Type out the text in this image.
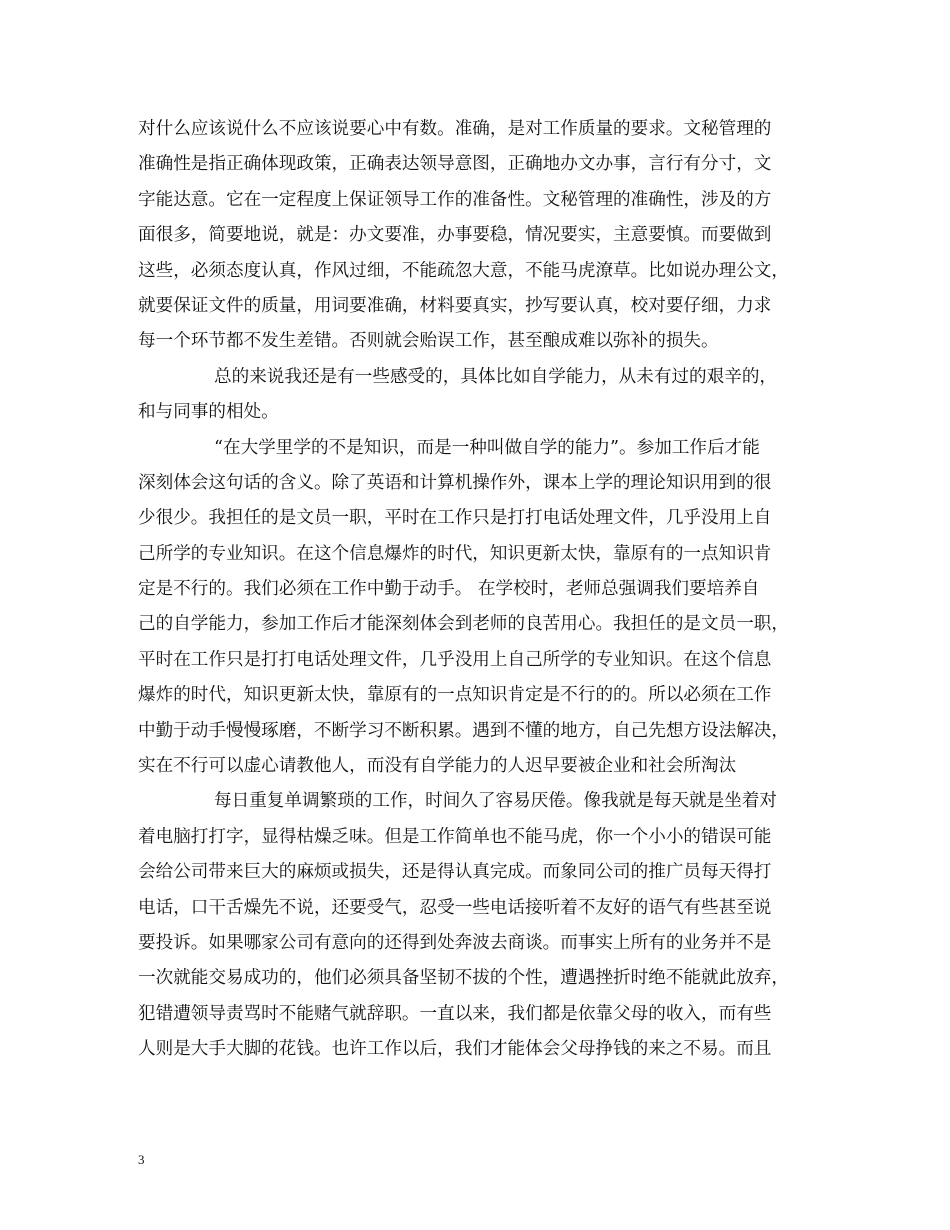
对什么应该说什么不应该说要心中有数。准确，是对工作质量的要求。文秘管理的
准确性是指正确体现政策，正确表达领导意图，正确地办文办事，言行有分寸，文
字能达意。它在一定程度上保证领导工作的准备性。文秘管理的准确性，涉及的方
面很多，简要地说，就是：办文要准，办事要稳，情况要实，主意要慎。而要做到
这些，必须态度认真，作风过细，不能疏忽大意，不能马虎潦草。比如说办理公文，
就要保证文件的质量，用词要准确，材料要真实，抄写要认真，校对要仔细，力求
每一个环节都不发生差错。否则就会贻误工作，甚至酿成难以弥补的损失。
总的来说我还是有一些感受的，具体比如自学能力，从未有过的艰辛的，
和与同事的相处。
“在大学里学的不是知识，而是一种叫做自学的能力”。参加工作后才能
深刻体会这句话的含义。除了英语和计算机操作外，课本上学的理论知识用到的很
少很少。我担任的是文员一职，平时在工作只是打打电话处理文件，几乎没用上自
己所学的专业知识。在这个信息爆炸的时代，知识更新太快，靠原有的一点知识肯
定是不行的。我们必须在工作中勤于动手。 在学校时，老师总强调我们要培养自
己的自学能力，参加工作后才能深刻体会到老师的良苦用心。我担任的是文员一职，
平时在工作只是打打电话处理文件，几乎没用上自己所学的专业知识。在这个信息
爆炸的时代，知识更新太快，靠原有的一点知识肯定是不行的的。所以必须在工作
中勤于动手慢慢琢磨，不断学习不断积累。遇到不懂的地方，自己先想方设法解决，
实在不行可以虚心请教他人，而没有自学能力的人迟早要被企业和社会所淘汰
每日重复单调繁琐的工作，时间久了容易厌倦。像我就是每天就是坐着对
着电脑打打字，显得枯燥乏味。但是工作简单也不能马虎，你一个小小的错误可能
会给公司带来巨大的麻烦或损失，还是得认真完成。而象同公司的推广员每天得打
电话，口干舌燥先不说，还要受气，忍受一些电话接听着不友好的语气有些甚至说
要投诉。如果哪家公司有意向的还得到处奔波去商谈。而事实上所有的业务并不是
一次就能交易成功的，他们必须具备坚韧不拔的个性，遭遇挫折时绝不能就此放弃，
犯错遭领导责骂时不能赌气就辞职。一直以来，我们都是依靠父母的收入，而有些
人则是大手大脚的花钱。也许工作以后，我们才能体会父母挣钱的来之不易。而且
3
